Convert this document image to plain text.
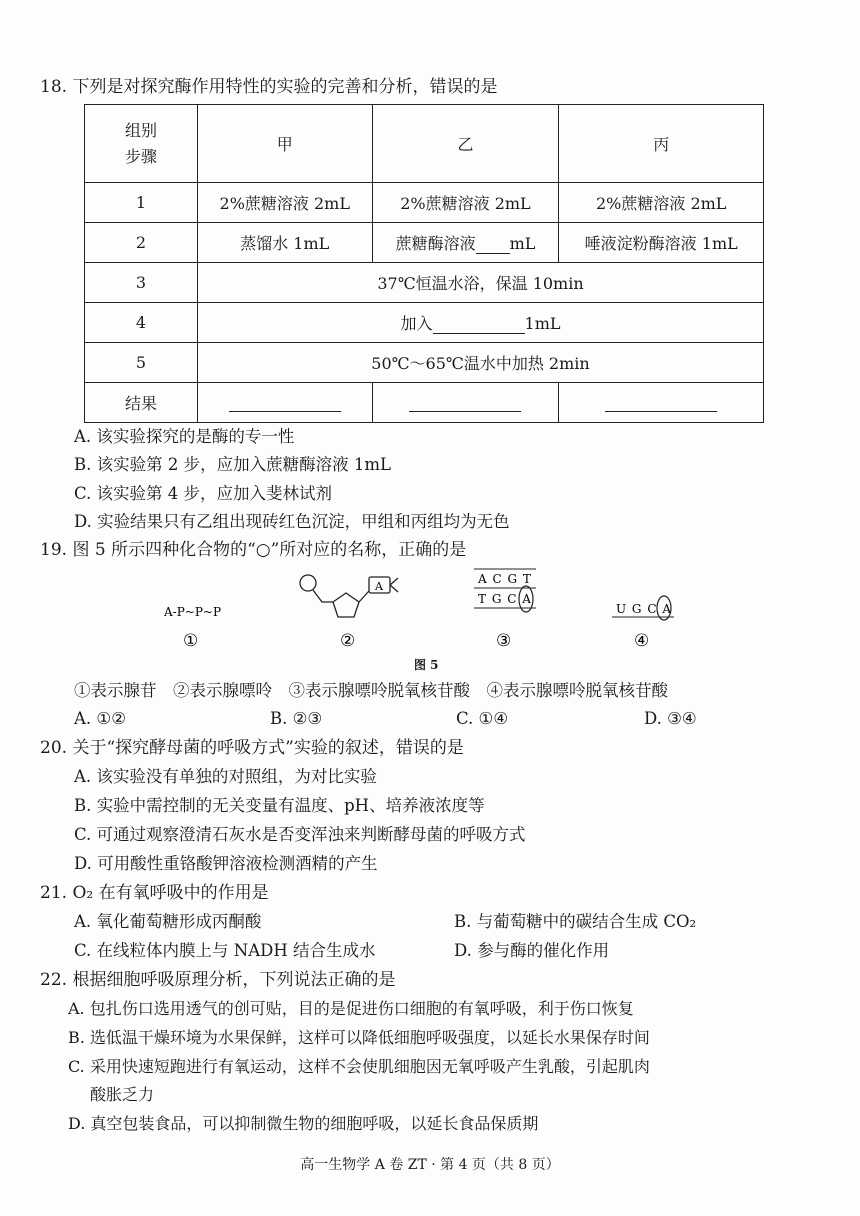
18. 下列是对探究酶作用特性的实验的完善和分析，错误的是
组别
步骤	甲	乙	丙
1	2%蔗糖溶液 2mL	2%蔗糖溶液 2mL	2%蔗糖溶液 2mL
2	蒸馏水 1mL	蔗糖酶溶液 mL	唾液淀粉酶溶液 1mL
3	37℃恒温水浴，保温 10min		
4	加入 1mL		
5	50℃～65℃温水中加热 2min		
结果			
A. 该实验探究的是酶的专一性
B. 该实验第 2 步，应加入蔗糖酶溶液 1mL
C. 该实验第 4 步，应加入斐林试剂
D. 实验结果只有乙组出现砖红色沉淀，甲组和丙组均为无色
19. 图 5 所示四种化合物的“○”所对应的名称，正确的是
A-P~P~P
①
A
②
A C G T
T G C A
③
U G C A
④
图 5
①表示腺苷　②表示腺嘌呤　③表示腺嘌呤脱氧核苷酸　④表示腺嘌呤脱氧核苷酸
A. ①②	B. ②③	C. ①④	D. ③④
20. 关于“探究酵母菌的呼吸方式”实验的叙述，错误的是
A. 该实验没有单独的对照组，为对比实验
B. 实验中需控制的无关变量有温度、pH、培养液浓度等
C. 可通过观察澄清石灰水是否变浑浊来判断酵母菌的呼吸方式
D. 可用酸性重铬酸钾溶液检测酒精的产生
21. O₂ 在有氧呼吸中的作用是
A. 氧化葡萄糖形成丙酮酸	B. 与葡萄糖中的碳结合生成 CO₂
C. 在线粒体内膜上与 NADH 结合生成水	D. 参与酶的催化作用
22. 根据细胞呼吸原理分析，下列说法正确的是
A. 包扎伤口选用透气的创可贴，目的是促进伤口细胞的有氧呼吸，利于伤口恢复
B. 选低温干燥环境为水果保鲜，这样可以降低细胞呼吸强度，以延长水果保存时间
C. 采用快速短跑进行有氧运动，这样不会使肌细胞因无氧呼吸产生乳酸，引起肌肉
酸胀乏力
D. 真空包装食品，可以抑制微生物的细胞呼吸，以延长食品保质期
高一生物学 A 卷 ZT · 第 4 页（共 8 页）
